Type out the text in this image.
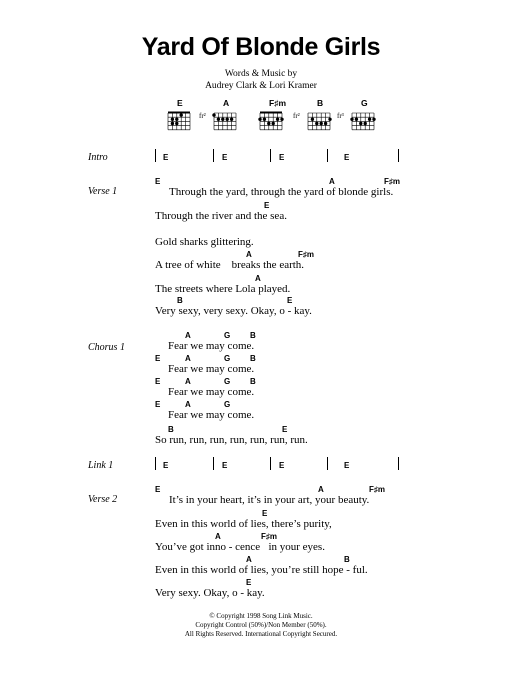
Yard Of Blonde Girls
Words & Music by
Audrey Clark & Lori Kramer
E	A
fr²
F♯m	B
fr²
G
fr³
Intro	E	E	E	E
Verse 1
E	A	F♯m
Through the yard, through the yard of blonde girls.
E
Through the river and the sea.
Gold sharks glittering.
A	F♯m
A tree of white    breaks the earth.
A
The streets where Lola played.
B	E
Very sexy, very sexy. Okay, o - kay.
Chorus 1
A	G B
Fear we may come.
E	A	G B
Fear we may come.
E	A	G B
Fear we may come.
E	A	G
Fear we may come.
B	E
So run, run, run, run, run, run, run.
Link 1	E	E	E	E
Verse 2
E	A	F♯m
It’s in your heart, it’s in your art, your beauty.
E
Even in this world of lies, there’s purity,
A	F♯m
You’ve got inno - cence   in your eyes.
A	B
Even in this world of lies, you’re still hope - ful.
E
Very sexy. Okay, o - kay.
© Copyright 1998 Song Link Music.
Copyright Control (50%)/Non Member (50%).
All Rights Reserved. International Copyright Secured.
